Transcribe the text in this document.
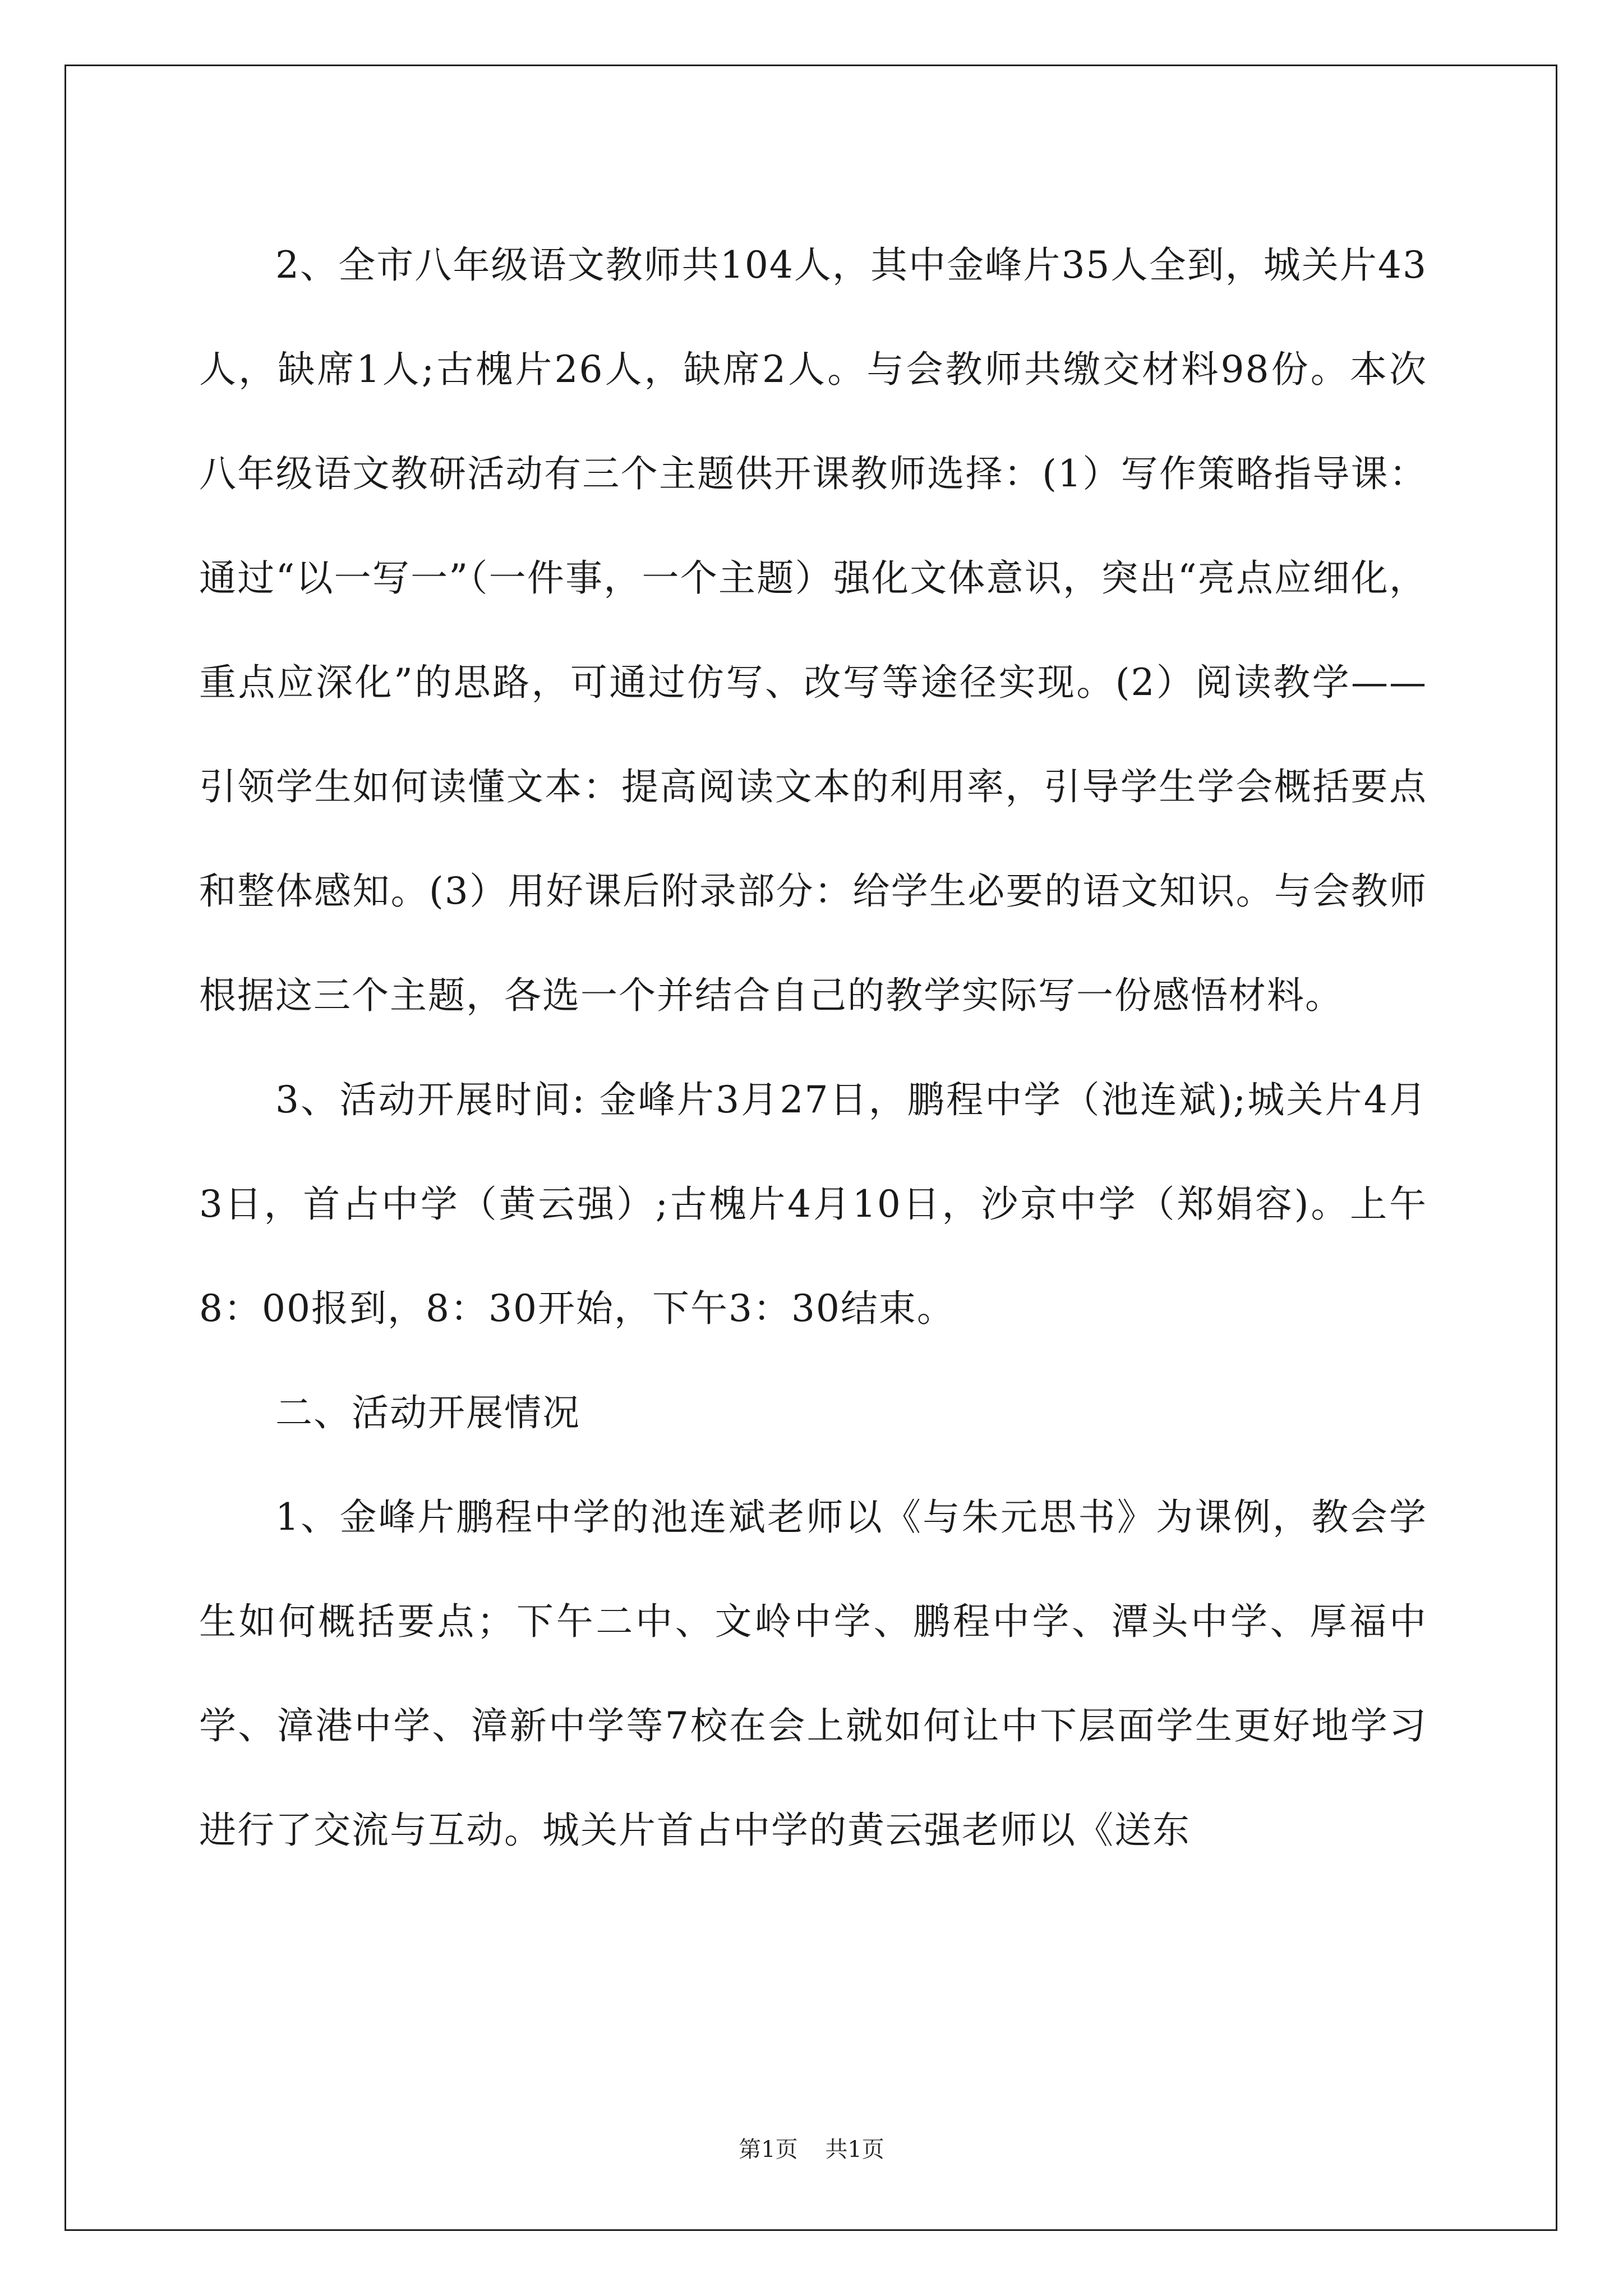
2、全市八年级语文教师共104人，其中金峰片35人全到，城关片43人，缺席1人;古槐片26人，缺席2人。与会教师共缴交材料98份。本次八年级语文教研活动有三个主题供开课教师选择：(1）写作策略指导课：通过“以一写一”（一件事，一个主题）强化文体意识，突出“亮点应细化，重点应深化”的思路，可通过仿写、改写等途径实现。(2）阅读教学——引领学生如何读懂文本：提高阅读文本的利用率，引导学生学会概括要点和整体感知。(3）用好课后附录部分：给学生必要的语文知识。与会教师根据这三个主题，各选一个并结合自己的教学实际写一份感悟材料。

3、活动开展时间: 金峰片3月27日，鹏程中学（池连斌);城关片4月3日，首占中学（黄云强）;古槐片4月10日，沙京中学（郑娟容)。上午8：00报到，8：30开始，下午3：30结束。

二、活动开展情况

1、金峰片鹏程中学的池连斌老师以《与朱元思书》为课例，教会学生如何概括要点；下午二中、文岭中学、鹏程中学、潭头中学、厚福中学、漳港中学、漳新中学等7校在会上就如何让中下层面学生更好地学习进行了交流与互动。城关片首占中学的黄云强老师以《送东

第1页 共1页
